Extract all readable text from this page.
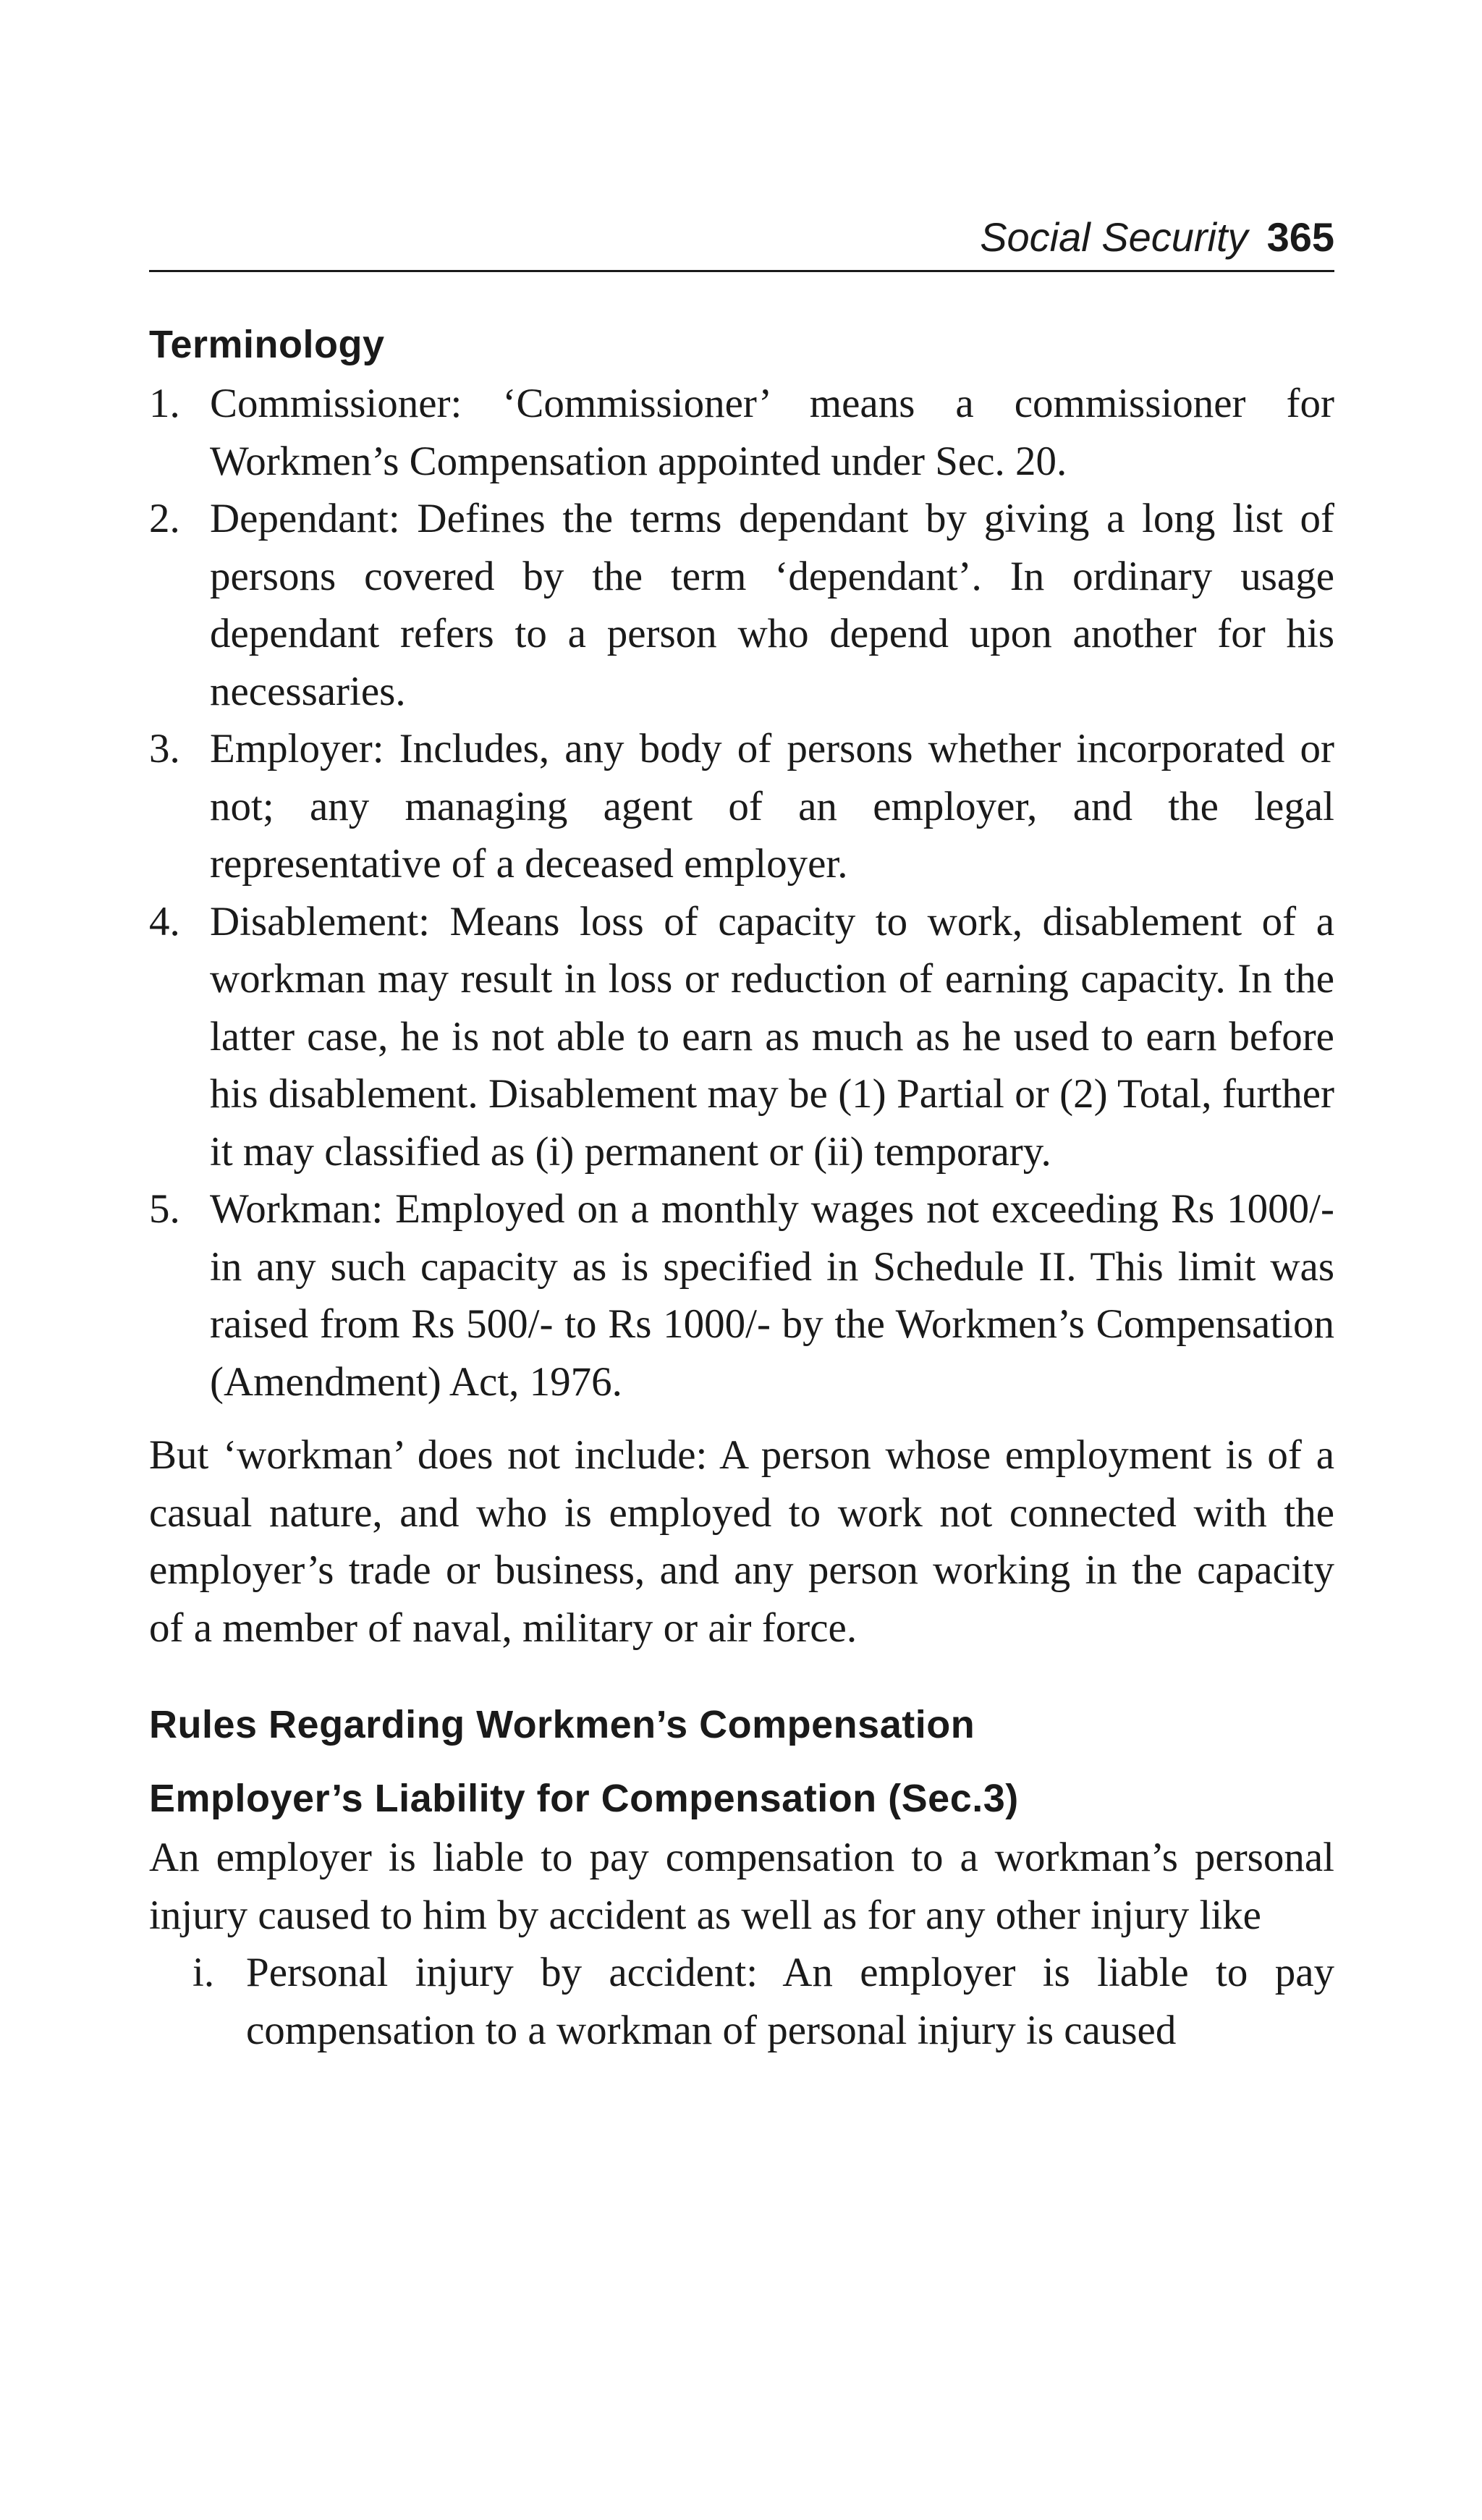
Social Security 365
Terminology
1. Commissioner: ‘Commissioner’ means a commissioner for Workmen’s Compensation appointed under Sec. 20.
2. Dependant: Defines the terms dependant by giving a long list of persons covered by the term ‘dependant’. In ordinary usage dependant refers to a person who depend upon another for his necessaries.
3. Employer: Includes, any body of persons whether incorporated or not; any managing agent of an employer, and the legal representative of a deceased employer.
4. Disablement: Means loss of capacity to work, disablement of a workman may result in loss or reduction of earning capacity. In the latter case, he is not able to earn as much as he used to earn before his disablement. Disablement may be (1) Partial or (2) Total, further it may classified as (i) permanent or (ii) temporary.
5. Workman: Employed on a monthly wages not exceeding Rs 1000/- in any such capacity as is specified in Schedule II. This limit was raised from Rs 500/- to Rs 1000/- by the Workmen’s Compensation (Amendment) Act, 1976.

But ‘workman’ does not include: A person whose employment is of a casual nature, and who is employed to work not connected with the employer’s trade or business, and any person working in the capacity of a member of naval, military or air force.

Rules Regarding Workmen’s Compensation
Employer’s Liability for Compensation (Sec.3)

An employer is liable to pay compensation to a workman’s personal injury caused to him by accident as well as for any other injury like

i. Personal injury by accident: An employer is liable to pay compensation to a workman of personal injury is caused
